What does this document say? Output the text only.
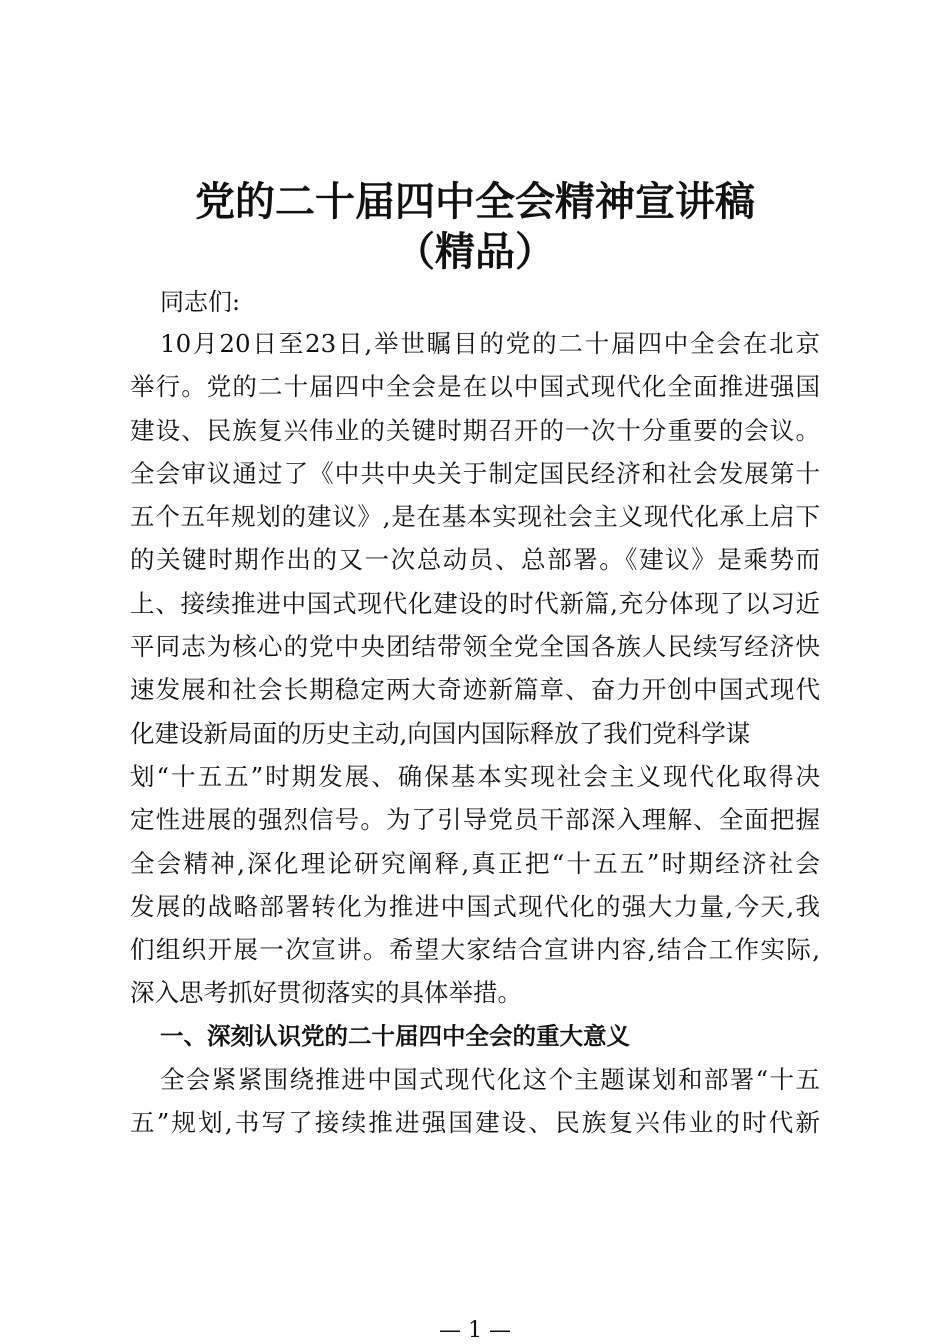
党的二十届四中全会精神宣讲稿
（精品）
同志们:
10月20日至23日,举世瞩目的党的二十届四中全会在北京
举行。党的二十届四中全会是在以中国式现代化全面推进强国
建设、民族复兴伟业的关键时期召开的一次十分重要的会议。
全会审议通过了《中共中央关于制定国民经济和社会发展第十
五个五年规划的建议》,是在基本实现社会主义现代化承上启下
的关键时期作出的又一次总动员、总部署。《建议》是乘势而
上、接续推进中国式现代化建设的时代新篇,充分体现了以习近
平同志为核心的党中央团结带领全党全国各族人民续写经济快
速发展和社会长期稳定两大奇迹新篇章、奋力开创中国式现代
化建设新局面的历史主动,向国内国际释放了我们党科学谋
划“十五五”时期发展、确保基本实现社会主义现代化取得决
定性进展的强烈信号。为了引导党员干部深入理解、全面把握
全会精神,深化理论研究阐释,真正把“十五五”时期经济社会
发展的战略部署转化为推进中国式现代化的强大力量,今天,我
们组织开展一次宣讲。希望大家结合宣讲内容,结合工作实际,
深入思考抓好贯彻落实的具体举措。
一、深刻认识党的二十届四中全会的重大意义
全会紧紧围绕推进中国式现代化这个主题谋划和部署“十五
五”规划,书写了接续推进强国建设、民族复兴伟业的时代新
— 1 —
